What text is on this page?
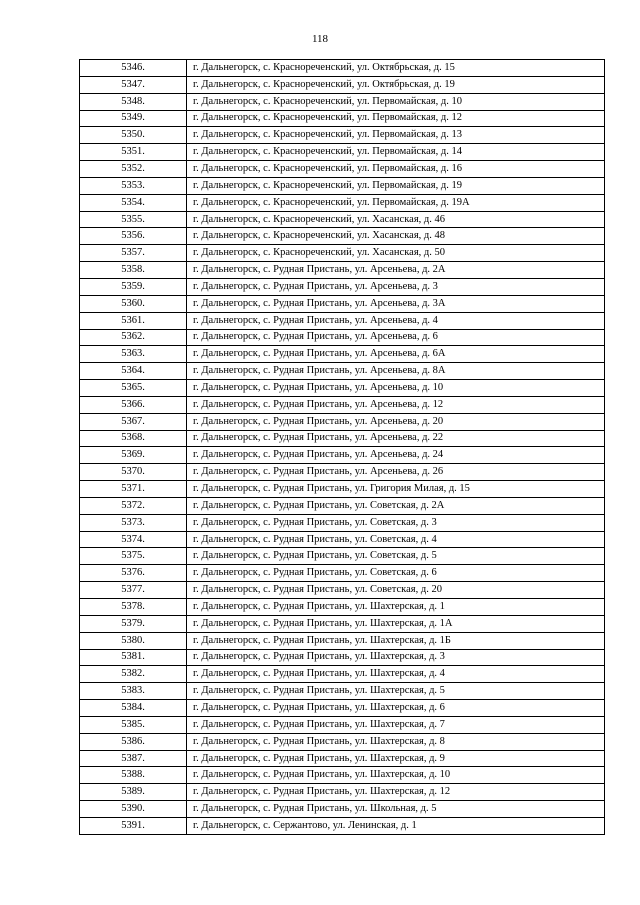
118
5346.	г. Дальнегорск, с. Краснореченский, ул. Октябрьская, д. 15
5347.	г. Дальнегорск, с. Краснореченский, ул. Октябрьская, д. 19
5348.	г. Дальнегорск, с. Краснореченский, ул. Первомайская, д. 10
5349.	г. Дальнегорск, с. Краснореченский, ул. Первомайская, д. 12
5350.	г. Дальнегорск, с. Краснореченский, ул. Первомайская, д. 13
5351.	г. Дальнегорск, с. Краснореченский, ул. Первомайская, д. 14
5352.	г. Дальнегорск, с. Краснореченский, ул. Первомайская, д. 16
5353.	г. Дальнегорск, с. Краснореченский, ул. Первомайская, д. 19
5354.	г. Дальнегорск, с. Краснореченский, ул. Первомайская, д. 19А
5355.	г. Дальнегорск, с. Краснореченский, ул. Хасанская, д. 46
5356.	г. Дальнегорск, с. Краснореченский, ул. Хасанская, д. 48
5357.	г. Дальнегорск, с. Краснореченский, ул. Хасанская, д. 50
5358.	г. Дальнегорск, с. Рудная Пристань, ул. Арсеньева, д. 2А
5359.	г. Дальнегорск, с. Рудная Пристань, ул. Арсеньева, д. 3
5360.	г. Дальнегорск, с. Рудная Пристань, ул. Арсеньева, д. 3А
5361.	г. Дальнегорск, с. Рудная Пристань, ул. Арсеньева, д. 4
5362.	г. Дальнегорск, с. Рудная Пристань, ул. Арсеньева, д. 6
5363.	г. Дальнегорск, с. Рудная Пристань, ул. Арсеньева, д. 6А
5364.	г. Дальнегорск, с. Рудная Пристань, ул. Арсеньева, д. 8А
5365.	г. Дальнегорск, с. Рудная Пристань, ул. Арсеньева, д. 10
5366.	г. Дальнегорск, с. Рудная Пристань, ул. Арсеньева, д. 12
5367.	г. Дальнегорск, с. Рудная Пристань, ул. Арсеньева, д. 20
5368.	г. Дальнегорск, с. Рудная Пристань, ул. Арсеньева, д. 22
5369.	г. Дальнегорск, с. Рудная Пристань, ул. Арсеньева, д. 24
5370.	г. Дальнегорск, с. Рудная Пристань, ул. Арсеньева, д. 26
5371.	г. Дальнегорск, с. Рудная Пристань, ул. Григория Милая, д. 15
5372.	г. Дальнегорск, с. Рудная Пристань, ул. Советская, д. 2А
5373.	г. Дальнегорск, с. Рудная Пристань, ул. Советская, д. 3
5374.	г. Дальнегорск, с. Рудная Пристань, ул. Советская, д. 4
5375.	г. Дальнегорск, с. Рудная Пристань, ул. Советская, д. 5
5376.	г. Дальнегорск, с. Рудная Пристань, ул. Советская, д. 6
5377.	г. Дальнегорск, с. Рудная Пристань, ул. Советская, д. 20
5378.	г. Дальнегорск, с. Рудная Пристань, ул. Шахтерская, д. 1
5379.	г. Дальнегорск, с. Рудная Пристань, ул. Шахтерская, д. 1А
5380.	г. Дальнегорск, с. Рудная Пристань, ул. Шахтерская, д. 1Б
5381.	г. Дальнегорск, с. Рудная Пристань, ул. Шахтерская, д. 3
5382.	г. Дальнегорск, с. Рудная Пристань, ул. Шахтерская, д. 4
5383.	г. Дальнегорск, с. Рудная Пристань, ул. Шахтерская, д. 5
5384.	г. Дальнегорск, с. Рудная Пристань, ул. Шахтерская, д. 6
5385.	г. Дальнегорск, с. Рудная Пристань, ул. Шахтерская, д. 7
5386.	г. Дальнегорск, с. Рудная Пристань, ул. Шахтерская, д. 8
5387.	г. Дальнегорск, с. Рудная Пристань, ул. Шахтерская, д. 9
5388.	г. Дальнегорск, с. Рудная Пристань, ул. Шахтерская, д. 10
5389.	г. Дальнегорск, с. Рудная Пристань, ул. Шахтерская, д. 12
5390.	г. Дальнегорск, с. Рудная Пристань, ул. Школьная, д. 5
5391.	г. Дальнегорск, с. Сержантово, ул. Ленинская, д. 1
